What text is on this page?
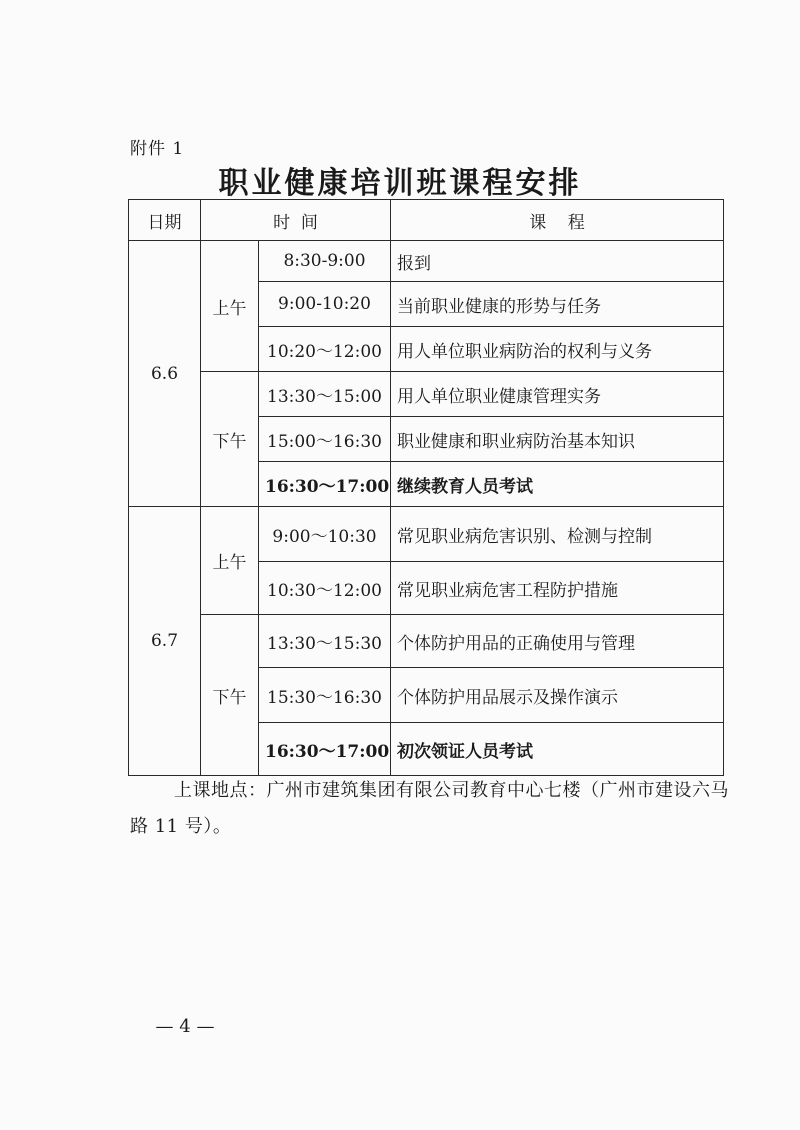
附件 1
职业健康培训班课程安排
日期	时  间		课    程
6.6	上午	8:30-9:00	报到
		9:00-10:20	当前职业健康的形势与任务
		10:20～12:00	用人单位职业病防治的权利与义务
	下午	13:30～15:00	用人单位职业健康管理实务
		15:00～16:30	职业健康和职业病防治基本知识
		16:30～17:00	继续教育人员考试
6.7	上午	9:00～10:30	常见职业病危害识别、检测与控制
		10:30～12:00	常见职业病危害工程防护措施
	下午	13:30～15:30	个体防护用品的正确使用与管理
		15:30～16:30	个体防护用品展示及操作演示
		16:30～17:00	初次领证人员考试
上课地点：广州市建筑集团有限公司教育中心七楼（广州市建设六马路 11 号）。
— 4 —
